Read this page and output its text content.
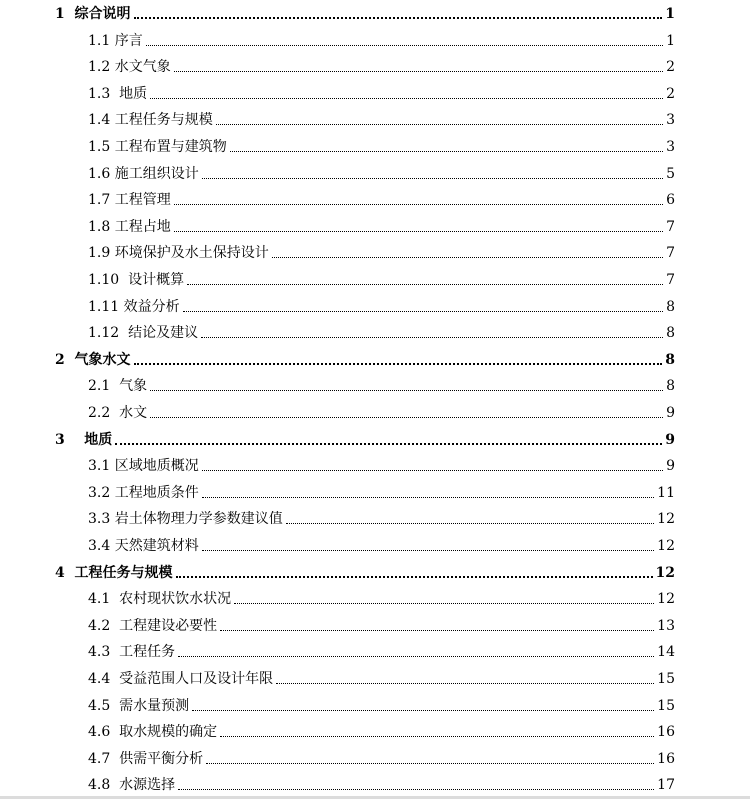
1  综合说明	1
1.1 序言	1
1.2 水文气象	2
1.3  地质	2
1.4 工程任务与规模	3
1.5 工程布置与建筑物	3
1.6 施工组织设计	5
1.7 工程管理	6
1.8 工程占地	7
1.9 环境保护及水土保持设计	7
1.10  设计概算	7
1.11 效益分析	8
1.12  结论及建议	8
2  气象水文	8
2.1  气象	8
2.2  水文	9
3    地质	9
3.1 区域地质概况	9
3.2 工程地质条件	11
3.3 岩土体物理力学参数建议值	12
3.4 天然建筑材料	12
4  工程任务与规模	12
4.1  农村现状饮水状况	12
4.2  工程建设必要性	13
4.3  工程任务	14
4.4  受益范围人口及设计年限	15
4.5  需水量预测	15
4.6  取水规模的确定	16
4.7  供需平衡分析	16
4.8  水源选择	17
